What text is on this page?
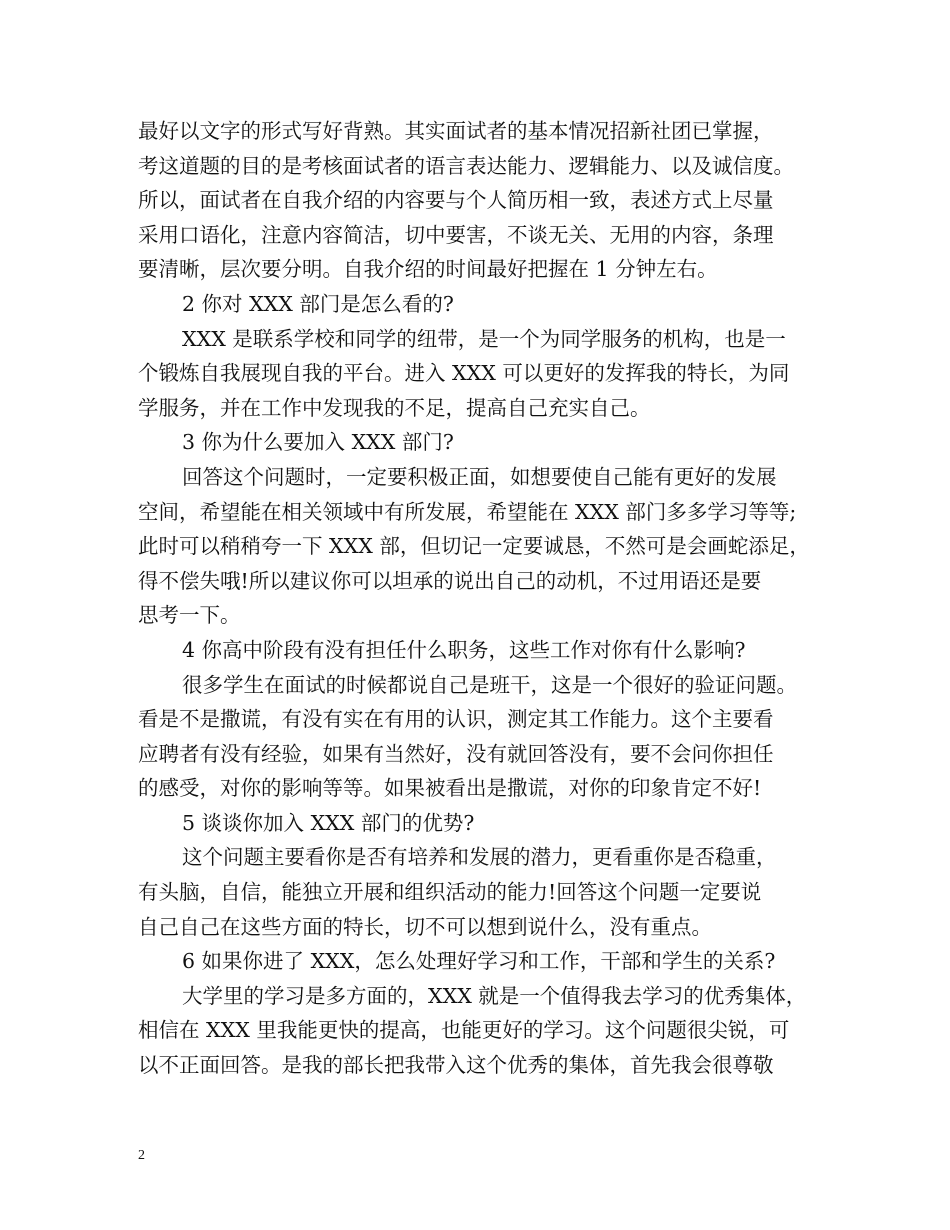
最好以文字的形式写好背熟。其实面试者的基本情况招新社团已掌握，
考这道题的目的是考核面试者的语言表达能力、逻辑能力、以及诚信度。
所以，面试者在自我介绍的内容要与个人简历相一致，表述方式上尽量
采用口语化，注意内容简洁，切中要害，不谈无关、无用的内容，条理
要清晰，层次要分明。自我介绍的时间最好把握在 1 分钟左右。
2 你对 XXX 部门是怎么看的?
XXX 是联系学校和同学的纽带，是一个为同学服务的机构，也是一
个锻炼自我展现自我的平台。进入 XXX 可以更好的发挥我的特长，为同
学服务，并在工作中发现我的不足，提高自己充实自己。
3 你为什么要加入 XXX 部门?
回答这个问题时，一定要积极正面，如想要使自己能有更好的发展
空间，希望能在相关领域中有所发展，希望能在 XXX 部门多多学习等等;
此时可以稍稍夸一下 XXX 部，但切记一定要诚恳，不然可是会画蛇添足，
得不偿失哦!所以建议你可以坦承的说出自己的动机，不过用语还是要
思考一下。
4 你高中阶段有没有担任什么职务，这些工作对你有什么影响?
很多学生在面试的时候都说自己是班干，这是一个很好的验证问题。
看是不是撒谎，有没有实在有用的认识，测定其工作能力。这个主要看
应聘者有没有经验，如果有当然好，没有就回答没有，要不会问你担任
的感受，对你的影响等等。如果被看出是撒谎，对你的印象肯定不好!
5 谈谈你加入 XXX 部门的优势?
这个问题主要看你是否有培养和发展的潜力，更看重你是否稳重，
有头脑，自信，能独立开展和组织活动的能力!回答这个问题一定要说
自己自己在这些方面的特长，切不可以想到说什么，没有重点。
6 如果你进了 XXX，怎么处理好学习和工作，干部和学生的关系?
大学里的学习是多方面的，XXX 就是一个值得我去学习的优秀集体，
相信在 XXX 里我能更快的提高，也能更好的学习。这个问题很尖锐，可
以不正面回答。是我的部长把我带入这个优秀的集体，首先我会很尊敬
2
